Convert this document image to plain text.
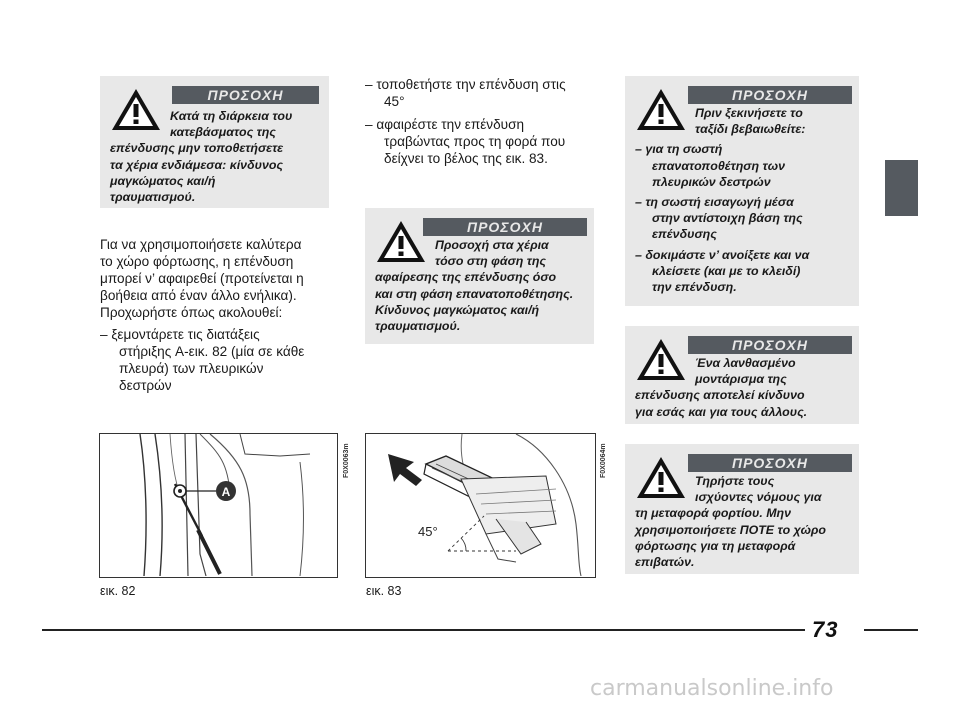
ΠΡΟΣΟΧΗ

Κατά τη διάρκεια του

κατεβάσματος της

επένδυσης μην τοποθετήσετε

τα χέρια ενδιάμεσα: κίνδυνος

μαγκώματος και/ή

τραυματισμού.

Για να χρησιμοποιήσετε καλύτερα

το χώρο φόρτωσης, η επένδυση

μπορεί ν’ αφαιρεθεί (προτείνεται η

βοήθεια από έναν άλλο ενήλικα).

Προχωρήστε όπως ακολουθεί:

– ξεμοντάρετε τις διατάξεις

στήριξης A-εικ. 82 (μία σε κάθε

πλευρά) των πλευρικών

δεστρών

– τοποθετήστε την επένδυση στις

45°

– αφαιρέστε την επένδυση

τραβώντας προς τη φορά που

δείχνει το βέλος της εικ. 83.

ΠΡΟΣΟΧΗ

Προσοχή στα χέρια

τόσο στη φάση της

αφαίρεσης της επένδυσης όσο

και στη φάση επανατοποθέτησης.

Κίνδυνος μαγκώματος και/ή

τραυματισμού.

ΠΡΟΣΟΧΗ

Πριν ξεκινήσετε το

ταξίδι βεβαιωθείτε:

– για τη σωστή

επανατοποθέτηση των

πλευρικών δεστρών

– τη σωστή εισαγωγή μέσα

στην αντίστοιχη βάση της

επένδυσης

– δοκιμάστε ν’ ανοίξετε και να

κλείσετε (και με το κλειδί)

την επένδυση.

ΠΡΟΣΟΧΗ

Ένα λανθασμένο

μοντάρισμα της

επένδυσης αποτελεί κίνδυνο

για εσάς και για τους άλλους.

ΠΡΟΣΟΧΗ

Τηρήστε τους

ισχύοντες νόμους για

τη μεταφορά φορτίου. Μην

χρησιμοποιήσετε ΠΟΤΕ το χώρο

φόρτωσης για τη μεταφορά

επιβατών.

A
F0X0063m
εικ. 82
45°
F0X0064m
εικ. 83
73
carmanualsonline.info
